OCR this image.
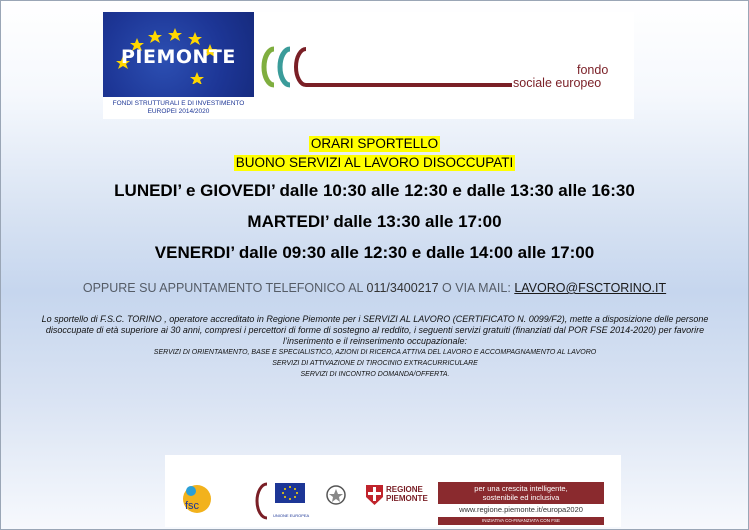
PIEMONTE
FONDI STRUTTURALI E DI INVESTIMENTO
EUROPEI 2014/2020
fondo
sociale europeo
ORARI SPORTELLO
BUONO SERVIZI AL LAVORO DISOCCUPATI
LUNEDI’ e GIOVEDI’ dalle 10:30 alle 12:30 e dalle 13:30 alle 16:30
MARTEDI’ dalle 13:30 alle 17:00
VENERDI’ dalle 09:30 alle 12:30 e dalle 14:00 alle 17:00
OPPURE SU APPUNTAMENTO TELEFONICO AL 011/3400217 O VIA MAIL: LAVORO@FSCTORINO.IT
Lo sportello di F.S.C. TORINO , operatore accreditato in Regione Piemonte per i SERVIZI AL LAVORO (CERTIFICATO N. 0099/F2), mette a disposizione delle persone disoccupate di età superiore ai 30 anni, compresi i percettori di forme di sostegno al reddito, i seguenti servizi gratuiti (finanziati dal POR FSE 2014-2020) per favorire l’inserimento e il reinserimento occupazionale:
SERVIZI DI ORIENTAMENTO, BASE E SPECIALISTICO, AZIONI DI RICERCA ATTIVA DEL LAVORO E ACCOMPAGNAMENTO AL LAVORO
SERVIZI DI ATTIVAZIONE DI TIROCINIO EXTRACURRICULARE
SERVIZI DI INCONTRO DOMANDA/OFFERTA.
fsc
UNIONE EUROPEA
REGIONE
PIEMONTE
per una crescita intelligente,
sostenibile ed inclusiva
www.regione.piemonte.it/europa2020
INIZIATIVA CO-FINANZIATA CON FSE
